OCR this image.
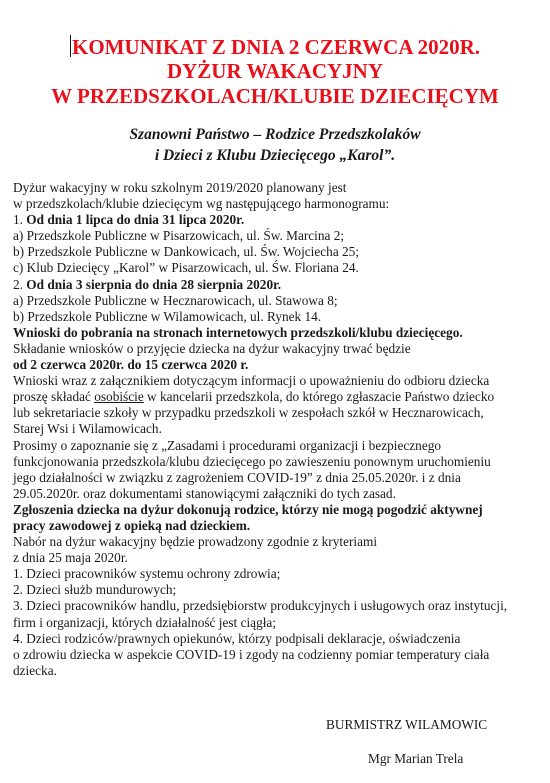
KOMUNIKAT Z DNIA 2 CZERWCA 2020R.
DYŻUR WAKACYJNY
W PRZEDSZKOLACH/KLUBIE DZIECIĘCYM
Szanowni Państwo – Rodzice Przedszkolaków
i Dzieci z Klubu Dziecięcego „Karol”.
Dyżur wakacyjny w roku szkolnym 2019/2020 planowany jest
w przedszkolach/klubie dziecięcym wg następującego harmonogramu:
1. Od dnia 1 lipca do dnia 31 lipca 2020r.
a) Przedszkole Publiczne w Pisarzowicach, ul. Św. Marcina 2;
b) Przedszkole Publiczne w Dankowicach, ul. Św. Wojciecha 25;
c) Klub Dziecięcy „Karol” w Pisarzowicach, ul. Św. Floriana 24.
2. Od dnia 3 sierpnia do dnia 28 sierpnia 2020r.
a) Przedszkole Publiczne w Hecznarowicach, ul. Stawowa 8;
b) Przedszkole Publiczne w Wilamowicach, ul. Rynek 14.
Wnioski do pobrania na stronach internetowych przedszkoli/klubu dziecięcego.
Składanie wniosków o przyjęcie dziecka na dyżur wakacyjny trwać będzie
od 2 czerwca 2020r. do 15 czerwca 2020 r.
Wnioski wraz z załącznikiem dotyczącym informacji o upoważnieniu do odbioru dziecka
proszę składać osobiście w kancelarii przedszkola, do którego zgłaszacie Państwo dziecko
lub sekretariacie szkoły w przypadku przedszkoli w zespołach szkół w Hecznarowicach,
Starej Wsi i Wilamowicach.
Prosimy o zapoznanie się z „Zasadami i procedurami organizacji i bezpiecznego
funkcjonowania przedszkola/klubu dziecięcego po zawieszeniu ponownym uruchomieniu
jego działalności w związku z zagrożeniem COVID-19” z dnia 25.05.2020r. i z dnia
29.05.2020r. oraz dokumentami stanowiącymi załączniki do tych zasad.
Zgłoszenia dziecka na dyżur dokonują rodzice, którzy nie mogą pogodzić aktywnej
pracy zawodowej z opieką nad dzieckiem.
Nabór na dyżur wakacyjny będzie prowadzony zgodnie z kryteriami
z dnia 25 maja 2020r.
1. Dzieci pracowników systemu ochrony zdrowia;
2. Dzieci służb mundurowych;
3. Dzieci pracowników handlu, przedsiębiorstw produkcyjnych i usługowych oraz instytucji,
firm i organizacji, których działalność jest ciągła;
4. Dzieci rodziców/prawnych opiekunów, którzy podpisali deklaracje, oświadczenia
o zdrowiu dziecka w aspekcie COVID-19 i zgody na codzienny pomiar temperatury ciała
dziecka.
BURMISTRZ WILAMOWIC
Mgr Marian Trela
